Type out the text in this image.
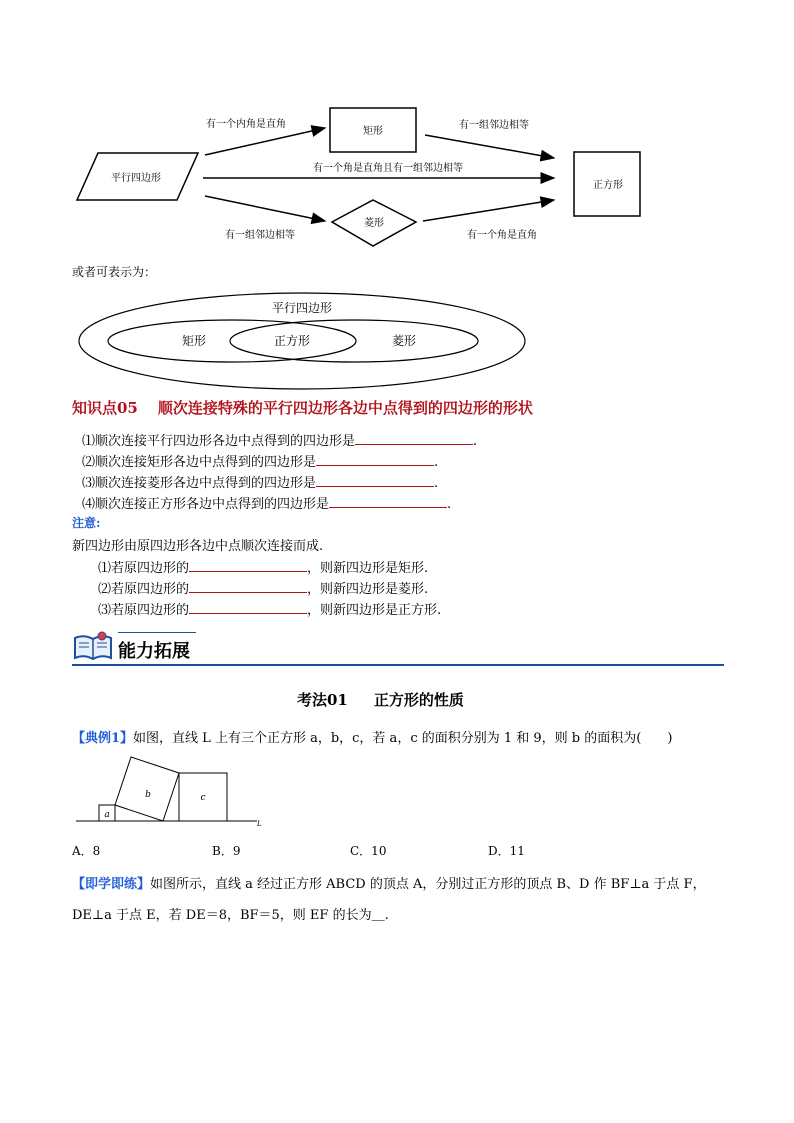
平行四边形
矩形
菱形
正方形
有一个内角是直角	有一组邻边相等
有一个角是直角且有一组邻边相等
有一组邻边相等	有一个角是直角
或者可表示为：
平行四边形
矩形	正方形	菱形
知识点05 顺次连接特殊的平行四边形各边中点得到的四边形的形状
⑴顺次连接平行四边形各边中点得到的四边形是	.
⑵顺次连接矩形各边中点得到的四边形是	.
⑶顺次连接菱形各边中点得到的四边形是	.
⑷顺次连接正方形各边中点得到的四边形是	.
注意:
新四边形由原四边形各边中点顺次连接而成.
⑴若原四边形的	，则新四边形是矩形.
⑵若原四边形的	，则新四边形是菱形.
⑶若原四边形的	，则新四边形是正方形.
能力拓展
考法01 正方形的性质
【典例1】如图，直线 L 上有三个正方形 a，b，c，若 a，c 的面积分别为 1 和 9，则 b 的面积为(　　)
L
a
b	c
A．8	B．9	C．10	D．11
【即学即练】如图所示，直线 a 经过正方形 ABCD 的顶点 A，分别过正方形的顶点 B、D 作 BF⊥a 于点 F，
DE⊥a 于点 E，若 DE＝8，BF＝5，则 EF 的长为＿.
